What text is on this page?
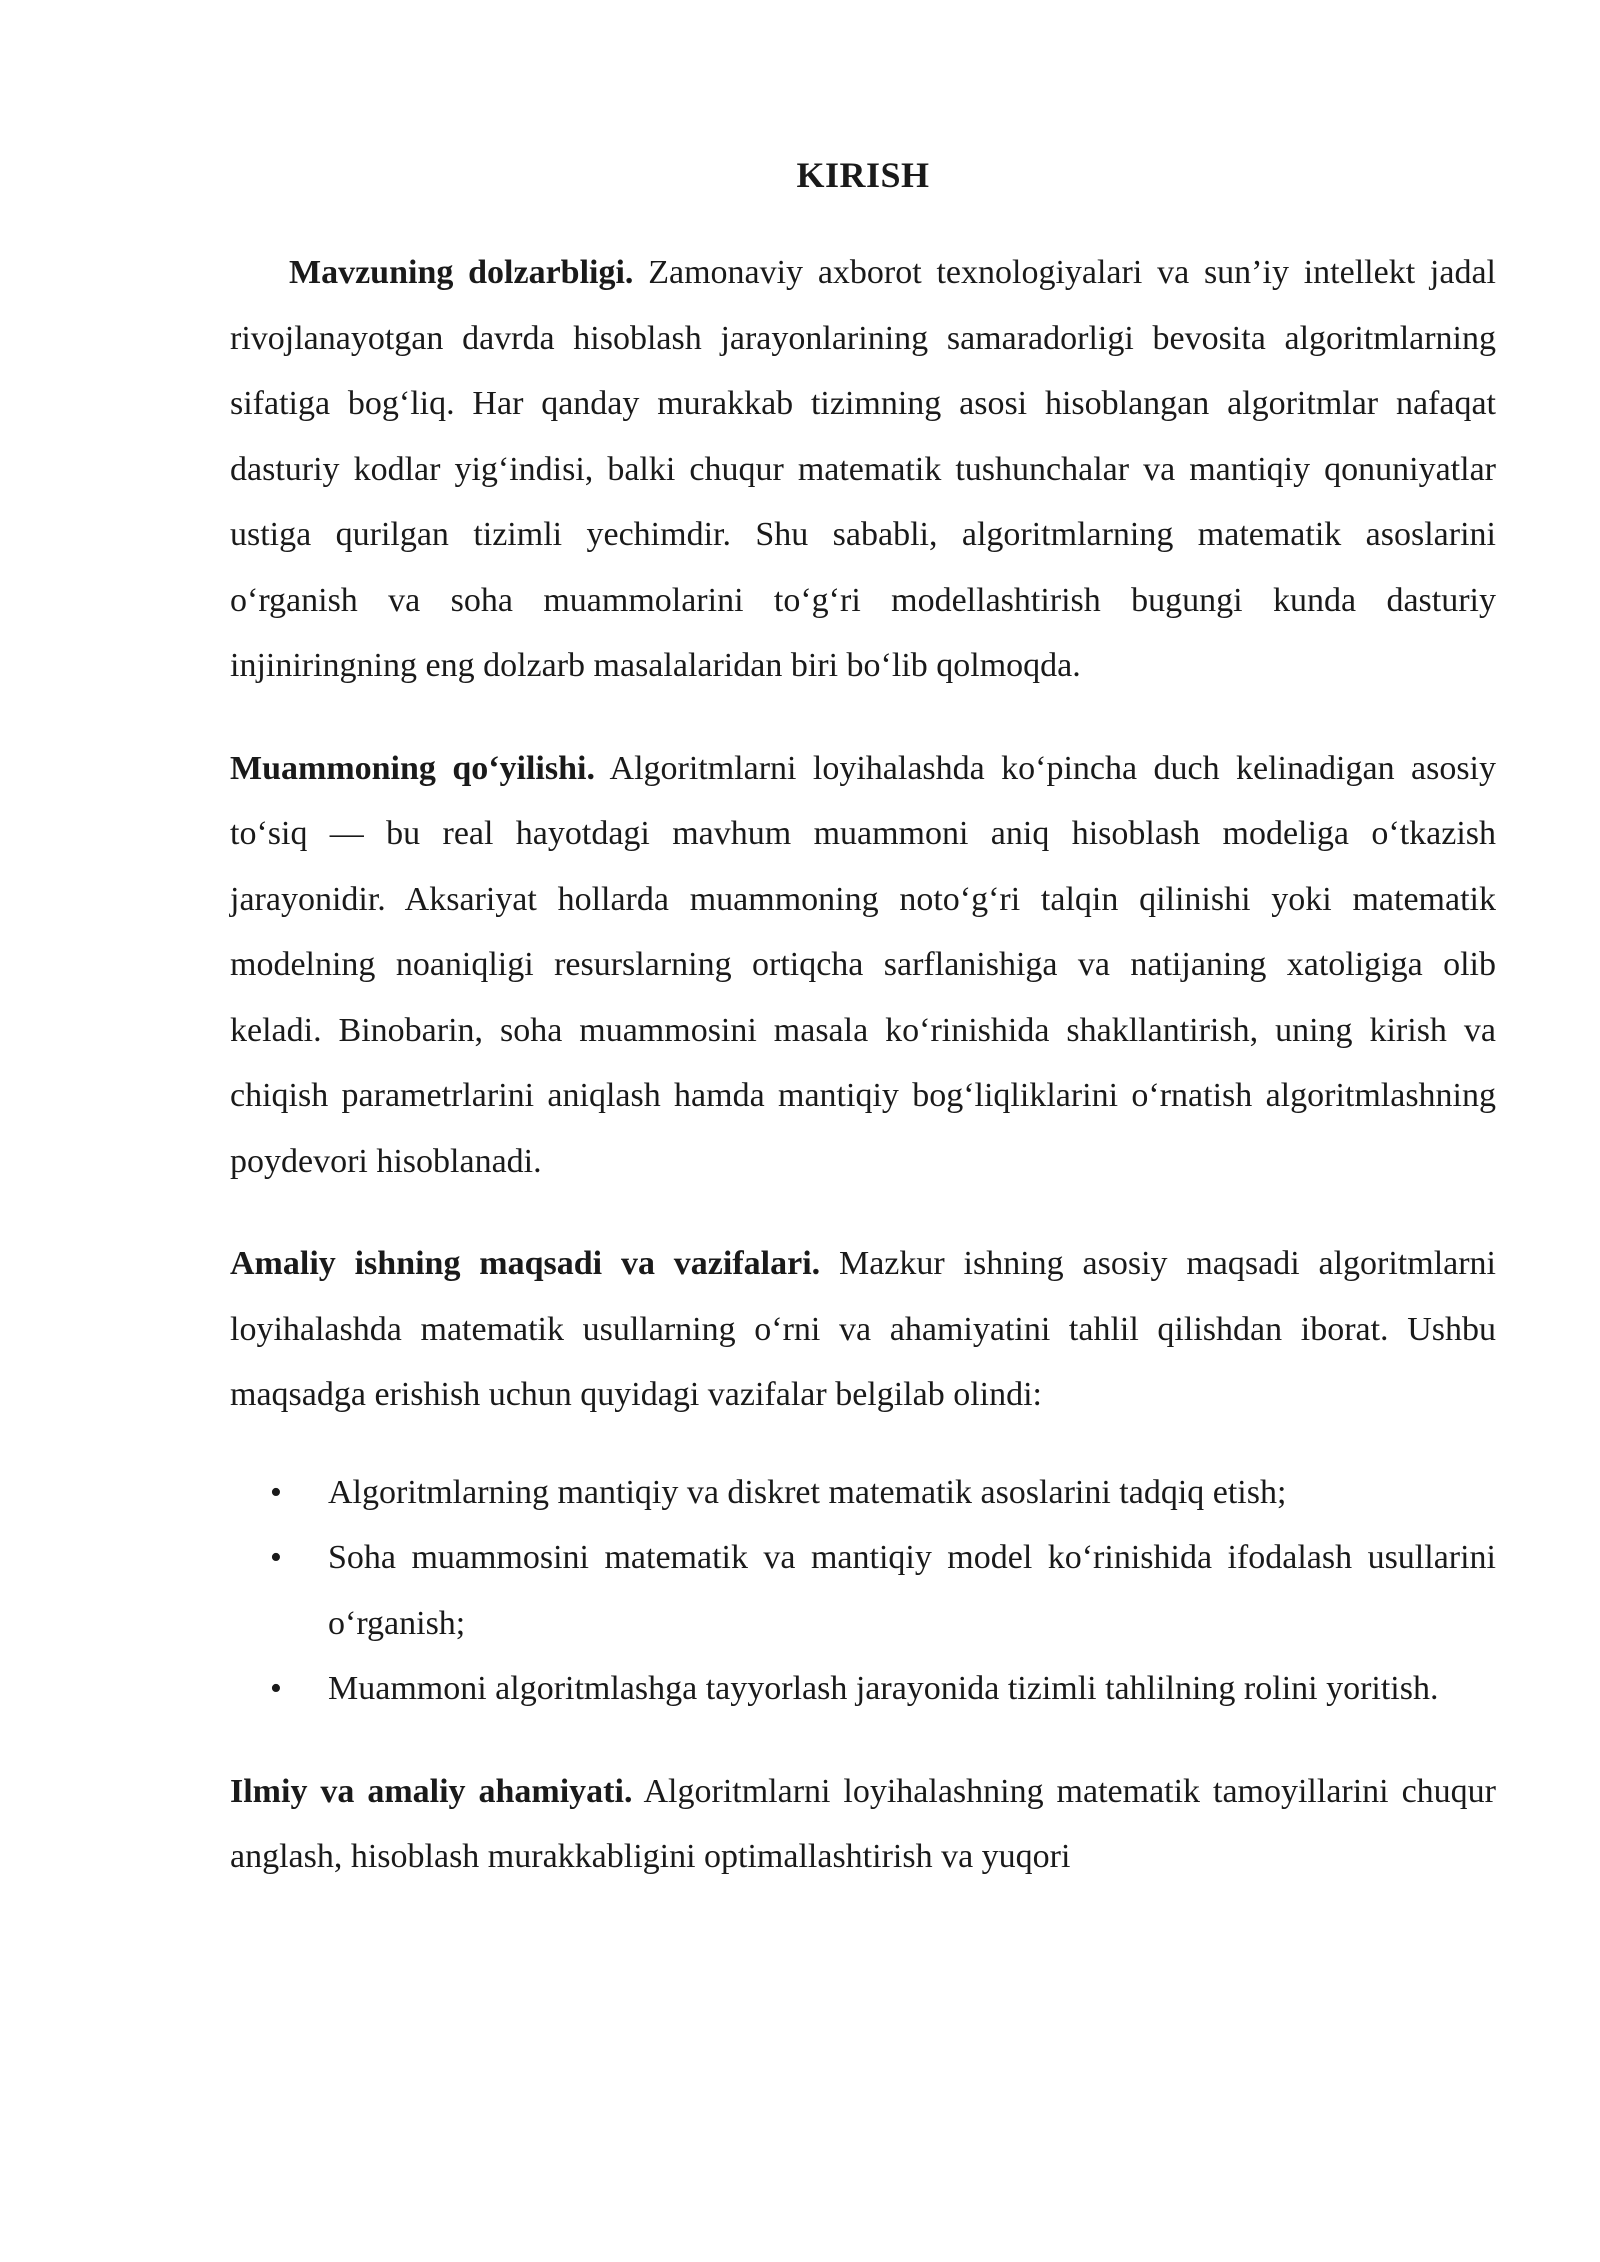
KIRISH

Mavzuning dolzarbligi. Zamonaviy axborot texnologiyalari va sun’iy intellekt jadal rivojlanayotgan davrda hisoblash jarayonlarining samaradorligi bevosita algoritmlarning sifatiga bog‘liq. Har qanday murakkab tizimning asosi hisoblangan algoritmlar nafaqat dasturiy kodlar yig‘indisi, balki chuqur matematik tushunchalar va mantiqiy qonuniyatlar ustiga qurilgan tizimli yechimdir. Shu sababli, algoritmlarning matematik asoslarini o‘rganish va soha muammolarini to‘g‘ri modellashtirish bugungi kunda dasturiy injiniringning eng dolzarb masalalaridan biri bo‘lib qolmoqda.

Muammoning qo‘yilishi. Algoritmlarni loyihalashda ko‘pincha duch kelinadigan asosiy to‘siq — bu real hayotdagi mavhum muammoni aniq hisoblash modeliga o‘tkazish jarayonidir. Aksariyat hollarda muammoning noto‘g‘ri talqin qilinishi yoki matematik modelning noaniqligi resurslarning ortiqcha sarflanishiga va natijaning xatoligiga olib keladi. Binobarin, soha muammosini masala ko‘rinishida shakllantirish, uning kirish va chiqish parametrlarini aniqlash hamda mantiqiy bog‘liqliklarini o‘rnatish algoritmlashning poydevori hisoblanadi.

Amaliy ishning maqsadi va vazifalari. Mazkur ishning asosiy maqsadi algoritmlarni loyihalashda matematik usullarning o‘rni va ahamiyatini tahlil qilishdan iborat. Ushbu maqsadga erishish uchun quyidagi vazifalar belgilab olindi:

• Algoritmlarning mantiqiy va diskret matematik asoslarini tadqiq etish;
• Soha muammosini matematik va mantiqiy model ko‘rinishida ifodalash usullarini o‘rganish;
• Muammoni algoritmlashga tayyorlash jarayonida tizimli tahlilning rolini yoritish.

Ilmiy va amaliy ahamiyati. Algoritmlarni loyihalashning matematik tamoyillarini chuqur anglash, hisoblash murakkabligini optimallashtirish va yuqori
